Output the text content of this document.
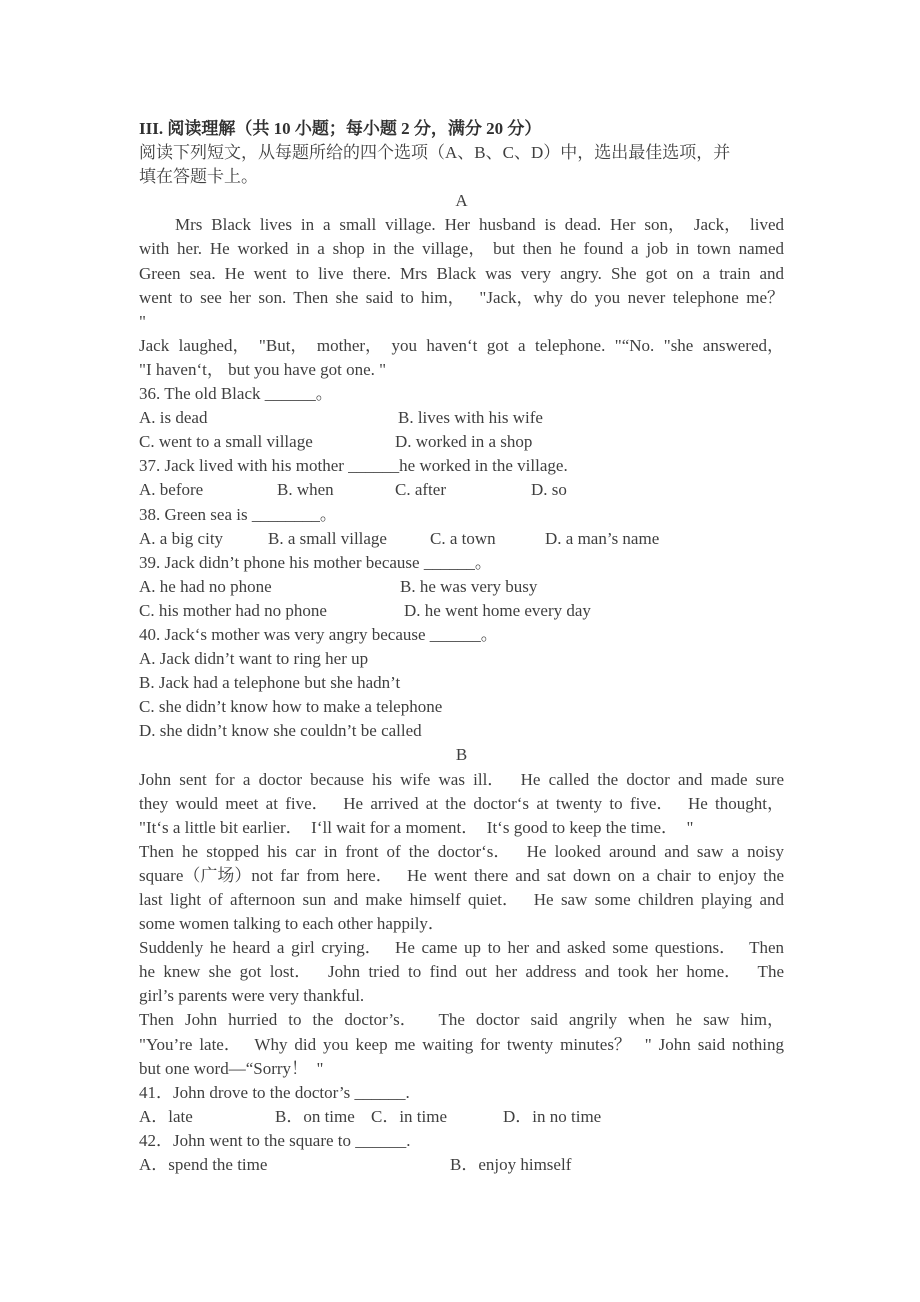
III. 阅读理解（共 10 小题；每小题 2 分，满分 20 分）
阅读下列短文，从每题所给的四个选项（A、B、C、D）中，选出最佳选项，并
填在答题卡上。
A
Mrs Black lives in a small village. Her husband is dead. Her son， Jack， lived
with her. He worked in a shop in the village， but then he found a job in town named
Green sea. He went to live there. Mrs Black was very angry. She got on a train and
went to see her son. Then she said to him，  "Jack，why do you never telephone me？
"
Jack laughed， "But， mother， you haven‘t got a telephone. "“No. "she answered，
"I haven‘t， but you have got one. "
36. The old Black ______。
A. is dead	B. lives with his wife
C. went to a small village	D. worked in a shop
37. Jack lived with his mother ______he worked in the village.
A. before	B. when	C. after	D. so
38. Green sea is ________。
A. a big city	B. a small village	C. a town	D. a man’s name
39. Jack didn’t phone his mother because ______。
A. he had no phone	B. he was very busy
C. his mother had no phone	D. he went home every day
40. Jack‘s mother was very angry because ______。
A. Jack didn’t want to ring her up
B. Jack had a telephone but she hadn’t
C. she didn’t know how to make a telephone
D. she didn’t know she couldn’t be called
B
John sent for a doctor because his wife was ill．  He called the doctor and made sure
they would meet at five．  He arrived at the doctor‘s at twenty to five．  He thought，
"It‘s a little bit earlier．  I‘ll wait for a moment．  It‘s good to keep the time．  "
Then he stopped his car in front of the doctor‘s．  He looked around and saw a noisy
square（广场）not far from here．  He went there and sat down on a chair to enjoy the
last light of afternoon sun and make himself quiet．  He saw some children playing and
some women talking to each other happily．
Suddenly he heard a girl crying．  He came up to her and asked some questions．  Then
he knew she got lost．  John tried to find out her address and took her home．  The
girl’s parents were very thankful.
Then John hurried to the doctor’s．  The doctor said angrily when he saw him，
"You’re late．  Why did you keep me waiting for twenty minutes？  " John said nothing
but one word—“Sorry！  "
41．John drove to the doctor’s ______.
A．late	B．on time C．in time	D．in no time
42．John went to the square to ______.
A．spend the time	B．enjoy himself
